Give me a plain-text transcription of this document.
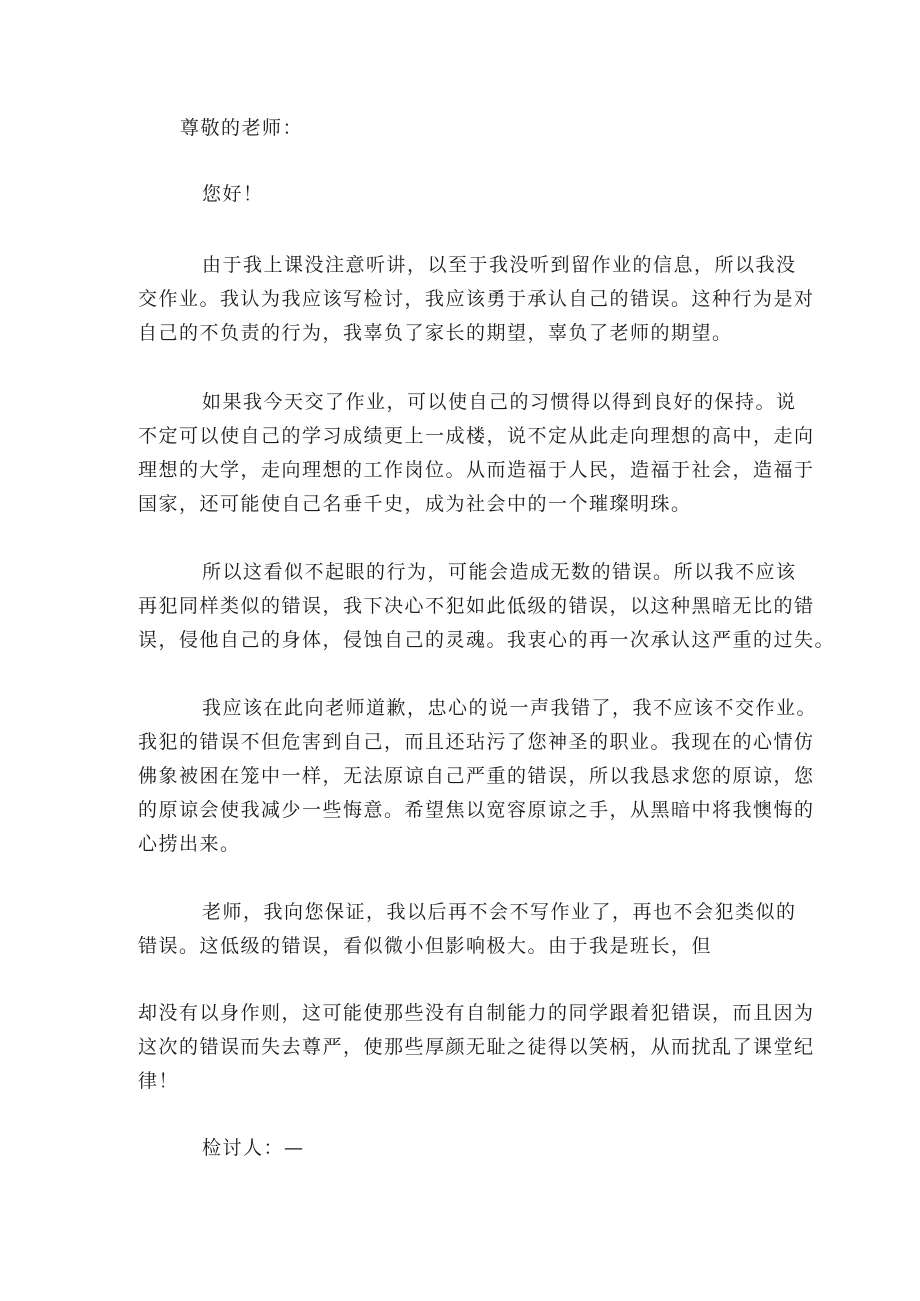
尊敬的老师：
您好！
由于我上课没注意听讲，以至于我没听到留作业的信息，所以我没
交作业。我认为我应该写检讨，我应该勇于承认自己的错误。这种行为是对
自己的不负责的行为，我辜负了家长的期望，辜负了老师的期望。
如果我今天交了作业，可以使自己的习惯得以得到良好的保持。说
不定可以使自己的学习成绩更上一成楼，说不定从此走向理想的高中，走向
理想的大学，走向理想的工作岗位。从而造福于人民，造福于社会，造福于
国家，还可能使自己名垂千史，成为社会中的一个璀璨明珠。
所以这看似不起眼的行为，可能会造成无数的错误。所以我不应该
再犯同样类似的错误，我下决心不犯如此低级的错误，以这种黑暗无比的错
误，侵他自己的身体，侵蚀自己的灵魂。我衷心的再一次承认这严重的过失。
我应该在此向老师道歉，忠心的说一声我错了，我不应该不交作业。
我犯的错误不但危害到自己，而且还玷污了您神圣的职业。我现在的心情仿
佛象被困在笼中一样，无法原谅自己严重的错误，所以我恳求您的原谅，您
的原谅会使我减少一些悔意。希望焦以宽容原谅之手，从黑暗中将我懊悔的
心捞出来。
老师，我向您保证，我以后再不会不写作业了，再也不会犯类似的
错误。这低级的错误，看似微小但影响极大。由于我是班长，但
却没有以身作则，这可能使那些没有自制能力的同学跟着犯错误，而且因为
这次的错误而失去尊严，使那些厚颜无耻之徒得以笑柄，从而扰乱了课堂纪
律！
检讨人：—
